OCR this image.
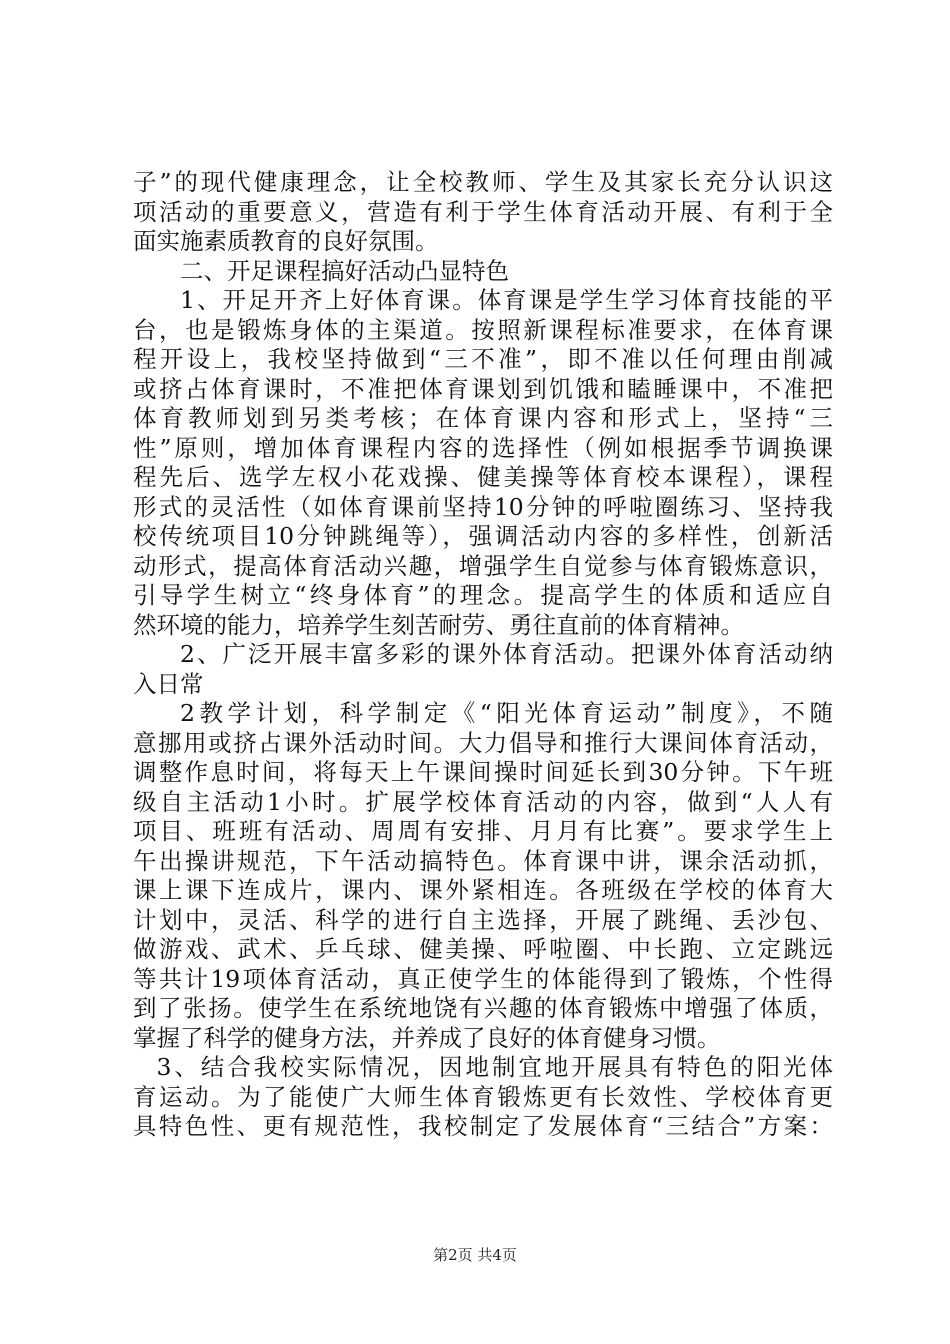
子”的现代健康理念，让全校教师、学生及其家长充分认识这
项活动的重要意义，营造有利于学生体育活动开展、有利于全
面实施素质教育的良好氛围。
二、开足课程搞好活动凸显特色
1、开足开齐上好体育课。体育课是学生学习体育技能的平
台，也是锻炼身体的主渠道。按照新课程标准要求，在体育课
程开设上，我校坚持做到“三不准”，即不准以任何理由削减
或挤占体育课时，不准把体育课划到饥饿和瞌睡课中，不准把
体育教师划到另类考核；在体育课内容和形式上，坚持“三
性”原则，增加体育课程内容的选择性（例如根据季节调换课
程先后、选学左权小花戏操、健美操等体育校本课程），课程
形式的灵活性（如体育课前坚持10分钟的呼啦圈练习、坚持我
校传统项目10分钟跳绳等），强调活动内容的多样性，创新活
动形式，提高体育活动兴趣，增强学生自觉参与体育锻炼意识，
引导学生树立“终身体育”的理念。提高学生的体质和适应自
然环境的能力，培养学生刻苦耐劳、勇往直前的体育精神。
2、广泛开展丰富多彩的课外体育活动。把课外体育活动纳
入日常
2教学计划，科学制定《“阳光体育运动”制度》，不随
意挪用或挤占课外活动时间。大力倡导和推行大课间体育活动，
调整作息时间，将每天上午课间操时间延长到30分钟。下午班
级自主活动1小时。扩展学校体育活动的内容，做到“人人有
项目、班班有活动、周周有安排、月月有比赛”。要求学生上
午出操讲规范，下午活动搞特色。体育课中讲，课余活动抓，
课上课下连成片，课内、课外紧相连。各班级在学校的体育大
计划中，灵活、科学的进行自主选择，开展了跳绳、丢沙包、
做游戏、武术、乒乓球、健美操、呼啦圈、中长跑、立定跳远
等共计19项体育活动，真正使学生的体能得到了锻炼，个性得
到了张扬。使学生在系统地饶有兴趣的体育锻炼中增强了体质，
掌握了科学的健身方法，并养成了良好的体育健身习惯。
3、结合我校实际情况，因地制宜地开展具有特色的阳光体
育运动。为了能使广大师生体育锻炼更有长效性、学校体育更
具特色性、更有规范性，我校制定了发展体育“三结合”方案：
第2页 共4页
